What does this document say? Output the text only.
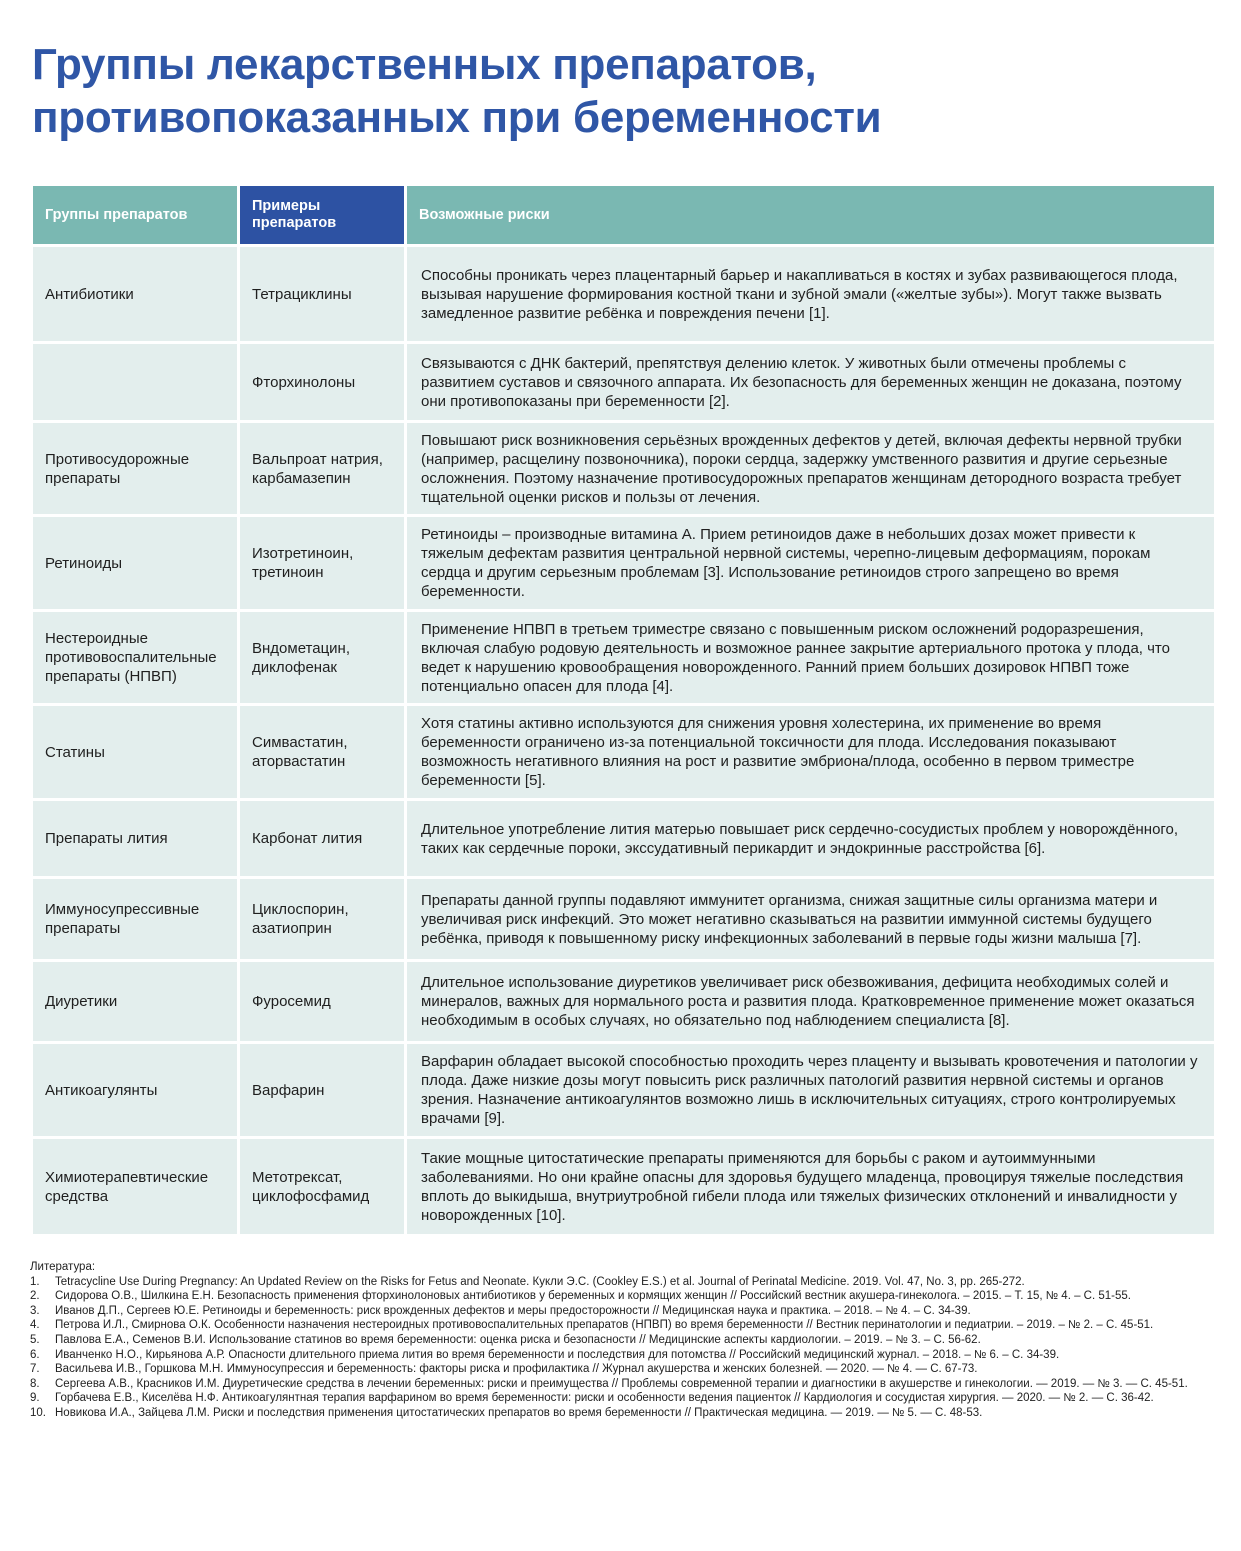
Группы лекарственных препаратов, противопоказанных при беременности
Группы препаратов	Примеры препаратов	Возможные риски
Антибиотики	Тетрациклины	Способны проникать через плацентарный барьер и накапливаться в костях и зубах развивающегося плода, вызывая нарушение формирования костной ткани и зубной эмали («желтые зубы»). Могут также вызвать замедленное развитие ребёнка и повреждения печени [1].
	Фторхинолоны	Связываются с ДНК бактерий, препятствуя делению клеток. У животных были отмечены проблемы с развитием суставов и связочного аппарата. Их безопасность для беременных женщин не доказана, поэтому они противопоказаны при беременности [2].
Противосудорожные препараты	Вальпроат натрия, карбамазепин	Повышают риск возникновения серьёзных врожденных дефектов у детей, включая дефекты нервной трубки (например, расщелину позвоночника), пороки сердца, задержку умственного развития и другие серьезные осложнения. Поэтому назначение противосудорожных препаратов женщинам детородного возраста требует тщательной оценки рисков и пользы от лечения.
Ретиноиды	Изотретиноин, третиноин	Ретиноиды – производные витамина А. Прием ретиноидов даже в небольших дозах может привести к тяжелым дефектам развития центральной нервной системы, черепно-лицевым деформациям, порокам сердца и другим серьезным проблемам [3]. Использование ретиноидов строго запрещено во время беременности.
Нестероидные противовоспалительные препараты (НПВП)	Вндометацин, диклофенак	Применение НПВП в третьем триместре связано с повышенным риском осложнений родоразрешения, включая слабую родовую деятельность и возможное раннее закрытие артериального протока у плода, что ведет к нарушению кровообращения новорожденного. Ранний прием больших дозировок НПВП тоже потенциально опасен для плода [4].
Статины	Симвастатин, аторвастатин	Хотя статины активно используются для снижения уровня холестерина, их применение во время беременности ограничено из-за потенциальной токсичности для плода. Исследования показывают возможность негативного влияния на рост и развитие эмбриона/плода, особенно в первом триместре беременности [5].
Препараты лития	Карбонат лития	Длительное употребление лития матерью повышает риск сердечно-сосудистых проблем у новорождённого, таких как сердечные пороки, экссудативный перикардит и эндокринные расстройства [6].
Иммуносупрессивные препараты	Циклоспорин, азатиоприн	Препараты данной группы подавляют иммунитет организма, снижая защитные силы организма матери и увеличивая риск инфекций. Это может негативно сказываться на развитии иммунной системы будущего ребёнка, приводя к повышенному риску инфекционных заболеваний в первые годы жизни малыша [7].
Диуретики	Фуросемид	Длительное использование диуретиков увеличивает риск обезвоживания, дефицита необходимых солей и минералов, важных для нормального роста и развития плода. Кратковременное применение может оказаться необходимым в особых случаях, но обязательно под наблюдением специалиста [8].
Антикоагулянты	Варфарин	Варфарин обладает высокой способностью проходить через плаценту и вызывать кровотечения и патологии у плода. Даже низкие дозы могут повысить риск различных патологий развития нервной системы и органов зрения. Назначение антикоагулянтов возможно лишь в исключительных ситуациях, строго контролируемых врачами [9].
Химиотерапевтические средства	Метотрексат, циклофосфамид	Такие мощные цитостатические препараты применяются для борьбы с раком и аутоиммунными заболеваниями. Но они крайне опасны для здоровья будущего младенца, провоцируя тяжелые последствия вплоть до выкидыша, внутриутробной гибели плода или тяжелых физических отклонений и инвалидности у новорожденных [10].
Литература:
1. Tetracycline Use During Pregnancy: An Updated Review on the Risks for Fetus and Neonate. Кукли Э.С. (Cookley E.S.) et al. Journal of Perinatal Medicine. 2019. Vol. 47, No. 3, pp. 265-272.
2. Сидорова О.В., Шилкина Е.Н. Безопасность применения фторхинолоновых антибиотиков у беременных и кормящих женщин // Российский вестник акушера-гинеколога. – 2015. – Т. 15, № 4. – С. 51-55.
3. Иванов Д.П., Сергеев Ю.Е. Ретиноиды и беременность: риск врожденных дефектов и меры предосторожности // Медицинская наука и практика. – 2018. – № 4. – С. 34-39.
4. Петрова И.Л., Смирнова О.К. Особенности назначения нестероидных противовоспалительных препаратов (НПВП) во время беременности // Вестник перинатологии и педиатрии. – 2019. – № 2. – С. 45-51.
5. Павлова Е.А., Семенов В.И. Использование статинов во время беременности: оценка риска и безопасности // Медицинские аспекты кардиологии. – 2019. – № 3. – С. 56-62.
6. Иванченко Н.О., Кирьянова А.Р. Опасности длительного приема лития во время беременности и последствия для потомства // Российский медицинский журнал. – 2018. – № 6. – С. 34-39.
7. Васильева И.В., Горшкова М.Н. Иммуносупрессия и беременность: факторы риска и профилактика // Журнал акушерства и женских болезней. — 2020. — № 4. — С. 67-73.
8. Сергеева А.В., Красников И.М. Диуретические средства в лечении беременных: риски и преимущества // Проблемы современной терапии и диагностики в акушерстве и гинекологии. — 2019. — № 3. — С. 45-51.
9. Горбачева Е.В., Киселёва Н.Ф. Антикоагулянтная терапия варфарином во время беременности: риски и особенности ведения пациенток // Кардиология и сосудистая хирургия. — 2020. — № 2. — С. 36-42.
10. Новикова И.А., Зайцева Л.М. Риски и последствия применения цитостатических препаратов во время беременности // Практическая медицина. — 2019. — № 5. — С. 48-53.
